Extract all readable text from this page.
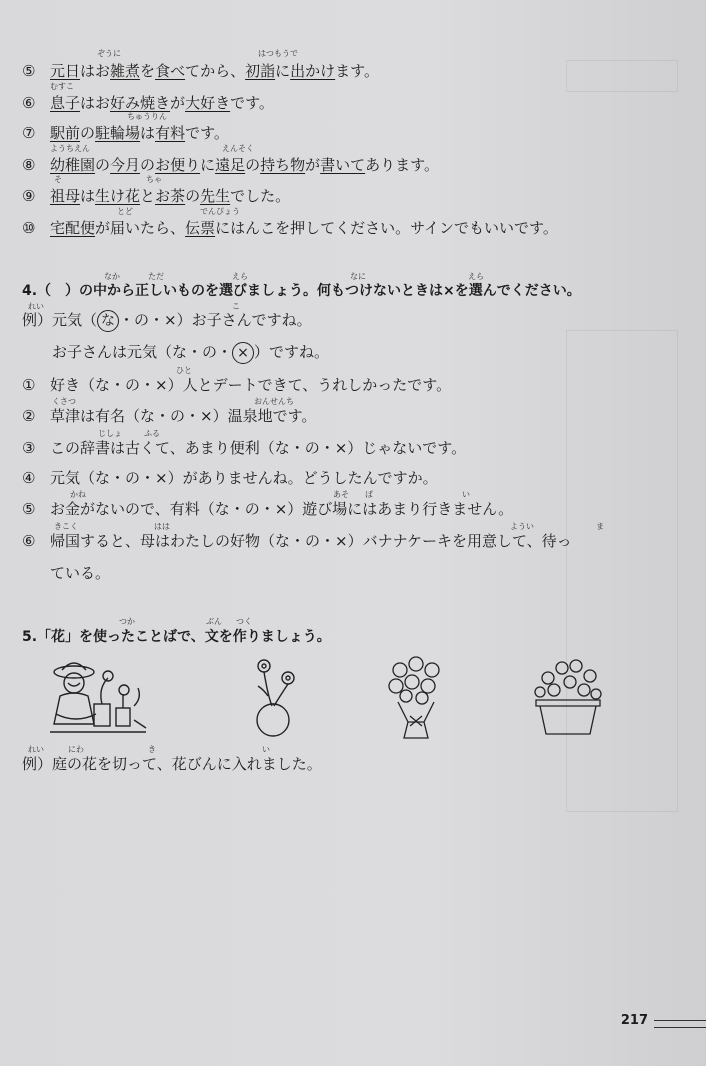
ぞうに	はつもうで
⑤ 元日はお雑煮を食べてから、初詣に出かけます。
むすこ
⑥ 息子はお好み焼きが大好きです。
ちゅうりん
⑦ 駅前の駐輪場は有料です。
ようちえん	えんそく
⑧ 幼稚園の今月のお便りに遠足の持ち物が書いてあります。
そ	ちゃ
⑨ 祖母は生け花とお茶の先生でした。
とど	でんぴょう
⑩ 宅配便が届いたら、伝票にはんこを押してください。サインでもいいです。
なか	ただ	えら	なに	えら
4.（　）の中から正しいものを選びましょう。何もつけないときは×を選んでください。
れい	こ
例）元気（ な ・の・×）お子さんですね。
お子さんは元気（な・の・ × ）ですね。
ひと
① 好き（な・の・×）人とデートできて、うれしかったです。
くさつ	おんせんち
② 草津は有名（な・の・×）温泉地です。
じしょ	ふる
③ この辞書は古くて、あまり便利（な・の・×）じゃないです。
④ 元気（な・の・×）がありませんね。どうしたんですか。
かね	あそ ば	い
⑤ お金がないので、有料（な・の・×）遊び場にはあまり行きません。
きこく	はは	ようい	ま
⑥ 帰国すると、母はわたしの好物（な・の・×）バナナケーキを用意して、待っ
ている。
つか	ぶん つく
5.「花」を使ったことばで、文を作りましょう。
れい	にわ	き	い
例）庭の花を切って、花びんに入れました。
217
